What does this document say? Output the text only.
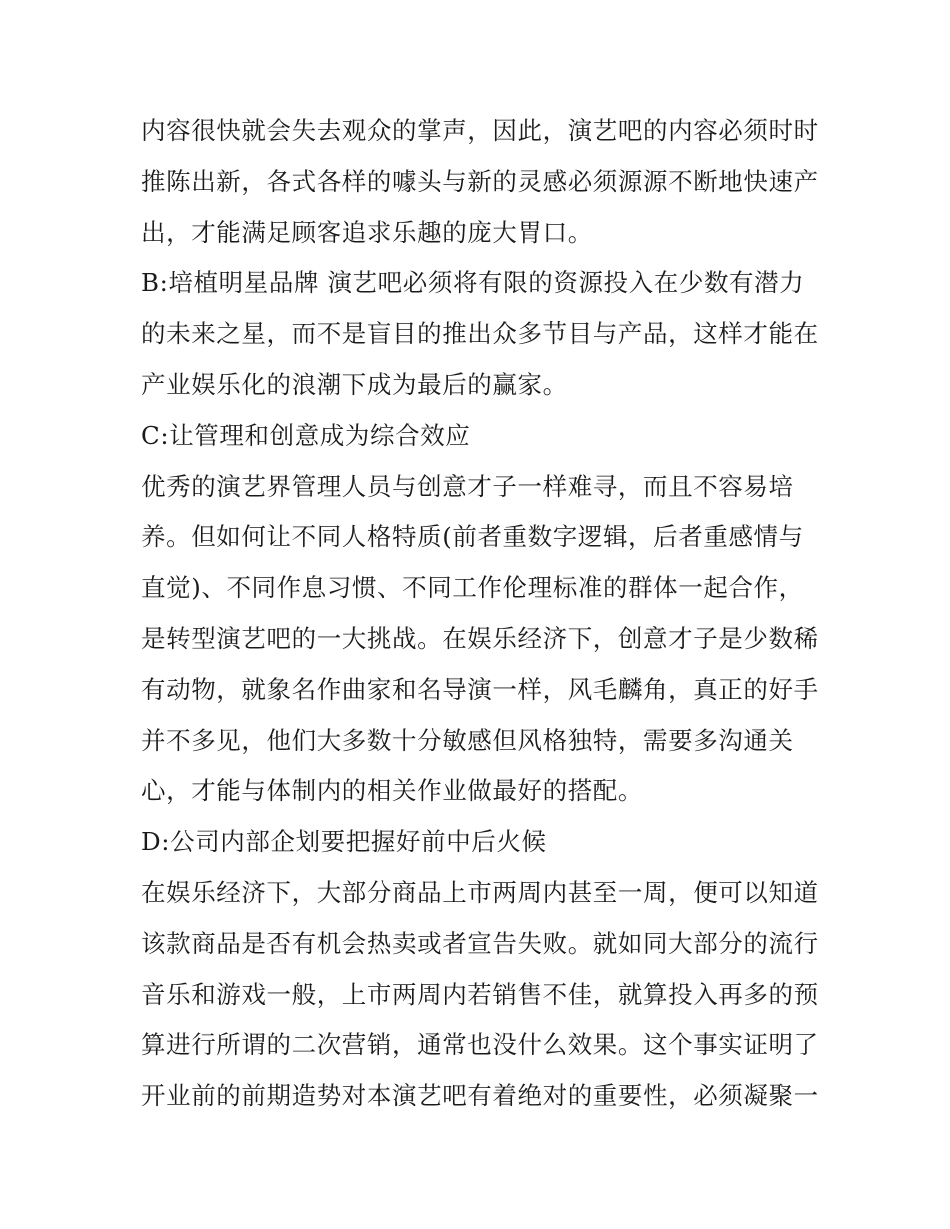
内容很快就会失去观众的掌声，因此，演艺吧的内容必须时时
推陈出新，各式各样的噱头与新的灵感必须源源不断地快速产
出，才能满足顾客追求乐趣的庞大胃口。
B:培植明星品牌 演艺吧必须将有限的资源投入在少数有潜力
的未来之星，而不是盲目的推出众多节目与产品，这样才能在
产业娱乐化的浪潮下成为最后的赢家。
C:让管理和创意成为综合效应
优秀的演艺界管理人员与创意才子一样难寻，而且不容易培
养。但如何让不同人格特质(前者重数字逻辑，后者重感情与
直觉)、不同作息习惯、不同工作伦理标准的群体一起合作，
是转型演艺吧的一大挑战。在娱乐经济下，创意才子是少数稀
有动物，就象名作曲家和名导演一样，风毛麟角，真正的好手
并不多见，他们大多数十分敏感但风格独特，需要多沟通关
心，才能与体制内的相关作业做最好的搭配。
D:公司内部企划要把握好前中后火候
在娱乐经济下，大部分商品上市两周内甚至一周，便可以知道
该款商品是否有机会热卖或者宣告失败。就如同大部分的流行
音乐和游戏一般，上市两周内若销售不佳，就算投入再多的预
算进行所谓的二次营销，通常也没什么效果。这个事实证明了
开业前的前期造势对本演艺吧有着绝对的重要性，必须凝聚一
